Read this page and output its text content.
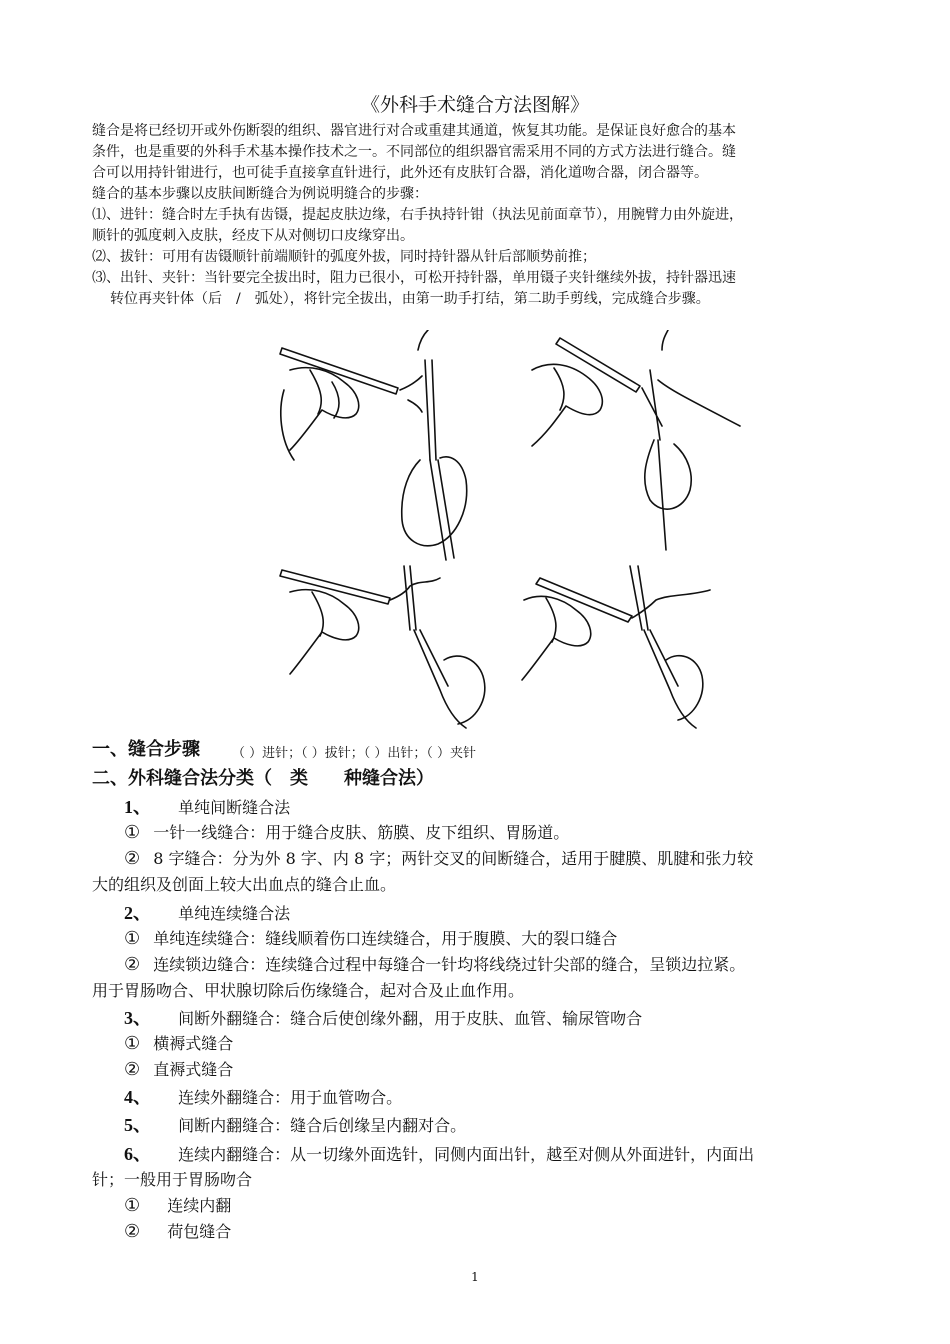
《外科手术缝合方法图解》
缝合是将已经切开或外伤断裂的组织、器官进行对合或重建其通道，恢复其功能。是保证良好愈合的基本
条件，也是重要的外科手术基本操作技术之一。不同部位的组织器官需采用不同的方式方法进行缝合。缝
合可以用持针钳进行，也可徒手直接拿直针进行，此外还有皮肤钉合器，消化道吻合器，闭合器等。
缝合的基本步骤以皮肤间断缝合为例说明缝合的步骤：
⑴、进针：缝合时左手执有齿镊，提起皮肤边缘，右手执持针钳（执法见前面章节），用腕臂力由外旋进，
顺针的弧度刺入皮肤，经皮下从对侧切口皮缘穿出。
⑵、拔针：可用有齿镊顺针前端顺针的弧度外拔，同时持针器从针后部顺势前推；
⑶、出针、夹针：当针要完全拔出时，阻力已很小，可松开持针器，单用镊子夹针继续外拔，持针器迅速
转位再夹针体（后　/　弧处），将针完全拔出，由第一助手打结，第二助手剪线，完成缝合步骤。
一、缝合步骤 （ ）进针；（ ）拔针；（ ）出针；（ ）夹针
二、外科缝合法分类（　类　　种缝合法）
1、 单纯间断缝合法
① 一针一线缝合：用于缝合皮肤、筋膜、皮下组织、胃肠道。
② 8 字缝合：分为外 8 字、内 8 字；两针交叉的间断缝合，适用于腱膜、肌腱和张力较
大的组织及创面上较大出血点的缝合止血。
2、 单纯连续缝合法
① 单纯连续缝合：缝线顺着伤口连续缝合，用于腹膜、大的裂口缝合
② 连续锁边缝合：连续缝合过程中每缝合一针均将线绕过针尖部的缝合，呈锁边拉紧。
用于胃肠吻合、甲状腺切除后伤缘缝合，起对合及止血作用。
3、 间断外翻缝合：缝合后使创缘外翻，用于皮肤、血管、输尿管吻合
① 横褥式缝合
② 直褥式缝合
4、 连续外翻缝合：用于血管吻合。
5、 间断内翻缝合：缝合后创缘呈内翻对合。
6、 连续内翻缝合：从一切缘外面选针，同侧内面出针，越至对侧从外面进针，内面出
针；一般用于胃肠吻合
① 连续内翻
② 荷包缝合
1
